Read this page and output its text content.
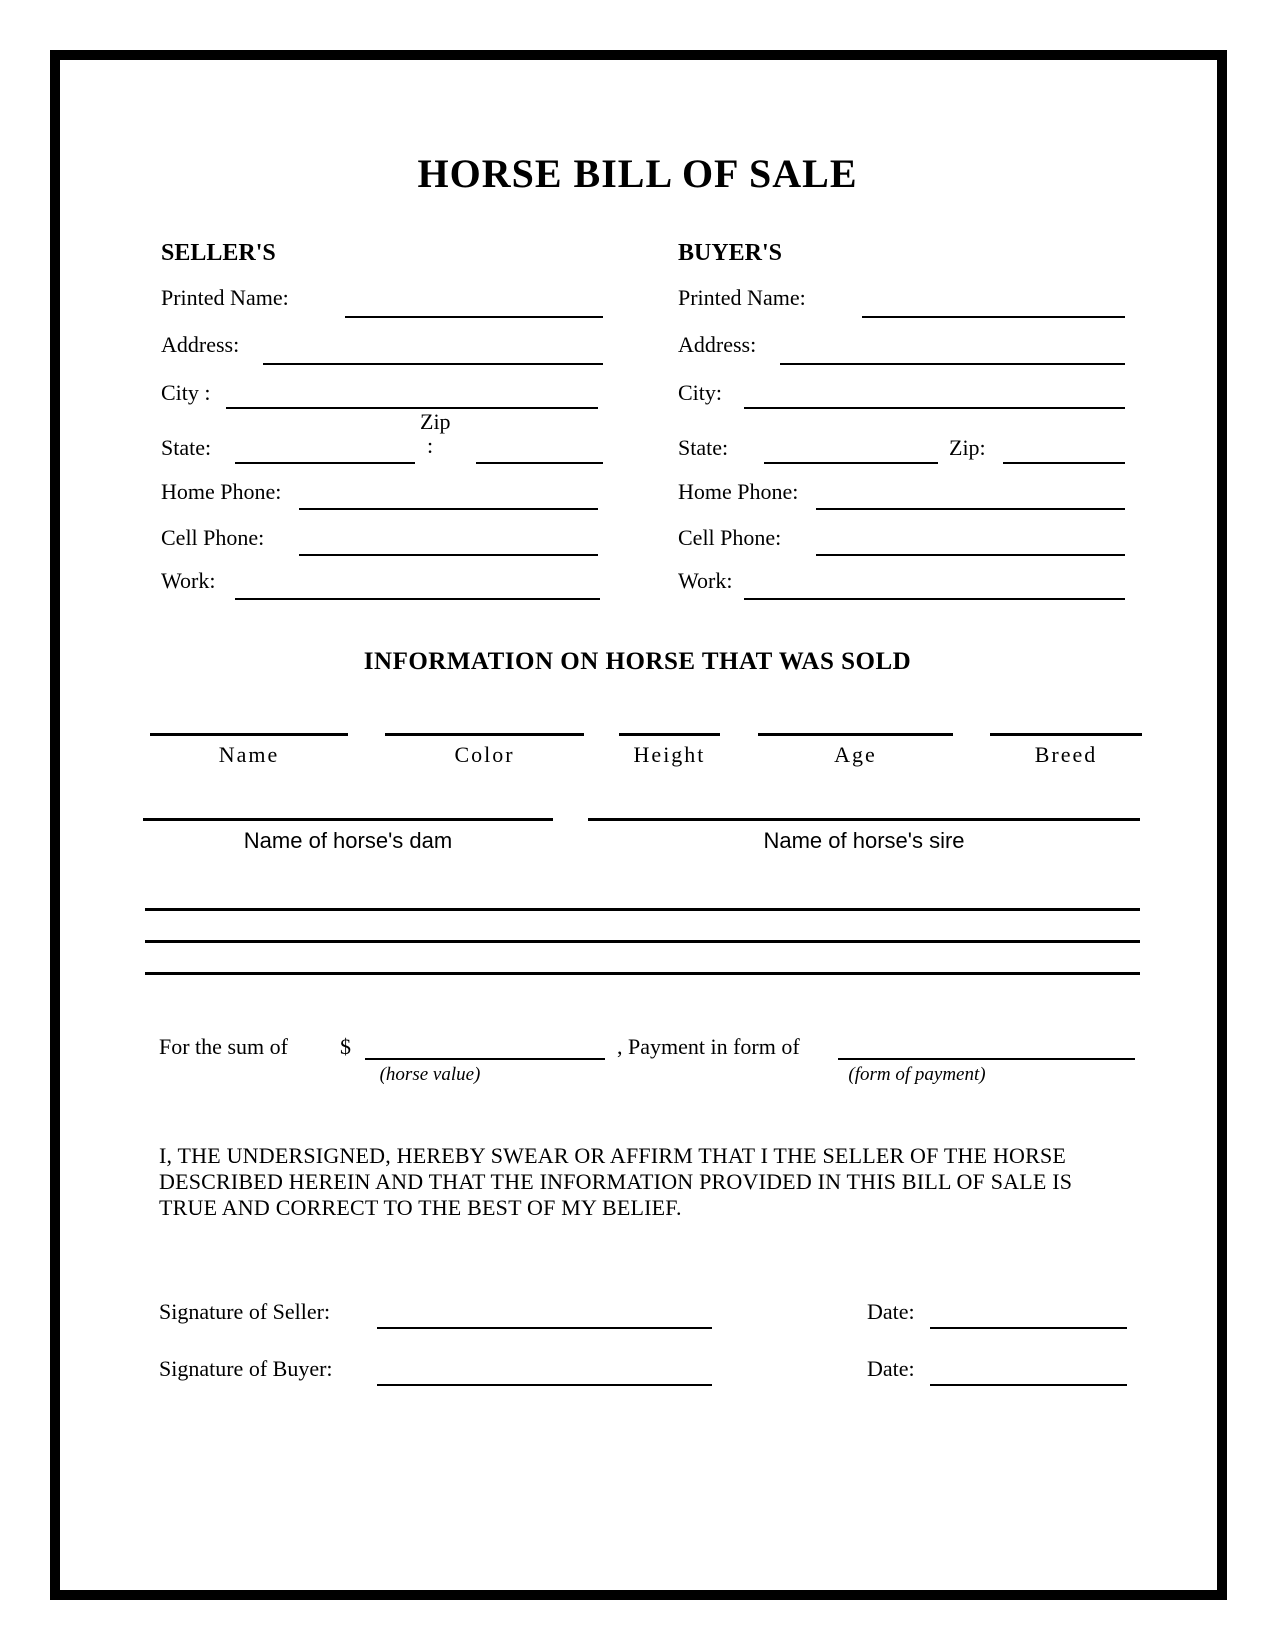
HORSE BILL OF SALE
SELLER'S
Printed Name:
Address:
City :
Zip
State:	:
Home Phone:
Cell Phone:
Work:
BUYER'S
Printed Name:
Address:
City:
State:	Zip:
Home Phone:
Cell Phone:
Work:
INFORMATION ON HORSE THAT WAS SOLD
Name	Color	Height	Age	Breed
Name of horse's dam	Name of horse's sire
For the sum of $
(horse value)
, Payment in form of
(form of payment)
I, THE UNDERSIGNED, HEREBY SWEAR OR AFFIRM THAT I THE SELLER OF THE HORSE
DESCRIBED HEREIN AND THAT THE INFORMATION PROVIDED IN THIS BILL OF SALE IS
TRUE AND CORRECT TO THE BEST OF MY BELIEF.
Signature of Seller:	Date:
Signature of Buyer:	Date:
